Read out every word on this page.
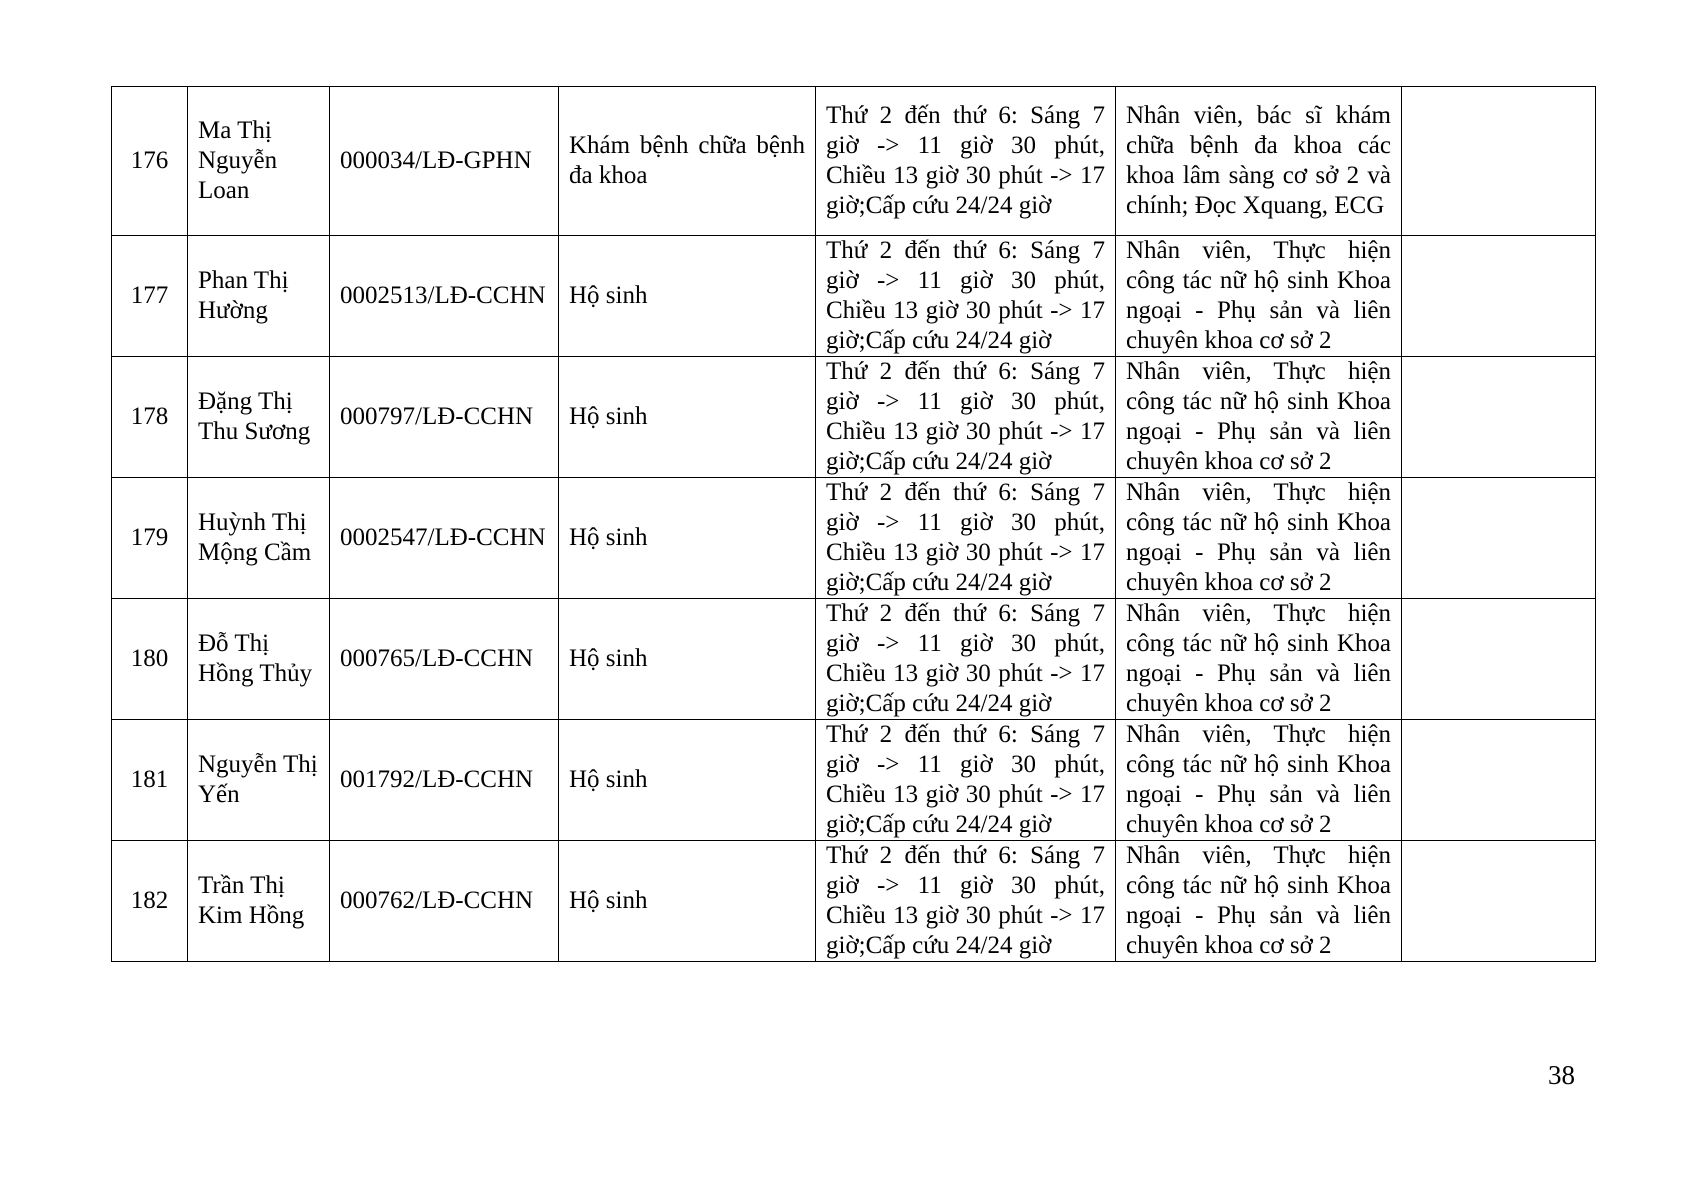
176	Ma Thị Nguyễn Loan	000034/LĐ-GPHN	Khám bệnh chữa bệnh đa khoa	Thứ 2 đến thứ 6: Sáng 7 giờ -> 11 giờ 30 phút, Chiều 13 giờ 30 phút -> 17 giờ;Cấp cứu 24/24 giờ	Nhân viên, bác sĩ khám chữa bệnh đa khoa các khoa lâm sàng cơ sở 2 và chính; Đọc Xquang, ECG	
177	Phan Thị Hường	0002513/LĐ-CCHN	Hộ sinh	Thứ 2 đến thứ 6: Sáng 7 giờ -> 11 giờ 30 phút, Chiều 13 giờ 30 phút -> 17 giờ;Cấp cứu 24/24 giờ	Nhân viên, Thực hiện công tác nữ hộ sinh Khoa ngoại - Phụ sản và liên chuyên khoa cơ sở 2	
178	Đặng Thị Thu Sương	000797/LĐ-CCHN	Hộ sinh	Thứ 2 đến thứ 6: Sáng 7 giờ -> 11 giờ 30 phút, Chiều 13 giờ 30 phút -> 17 giờ;Cấp cứu 24/24 giờ	Nhân viên, Thực hiện công tác nữ hộ sinh Khoa ngoại - Phụ sản và liên chuyên khoa cơ sở 2	
179	Huỳnh Thị Mộng Cầm	0002547/LĐ-CCHN	Hộ sinh	Thứ 2 đến thứ 6: Sáng 7 giờ -> 11 giờ 30 phút, Chiều 13 giờ 30 phút -> 17 giờ;Cấp cứu 24/24 giờ	Nhân viên, Thực hiện công tác nữ hộ sinh Khoa ngoại - Phụ sản và liên chuyên khoa cơ sở 2	
180	Đỗ Thị Hồng Thủy	000765/LĐ-CCHN	Hộ sinh	Thứ 2 đến thứ 6: Sáng 7 giờ -> 11 giờ 30 phút, Chiều 13 giờ 30 phút -> 17 giờ;Cấp cứu 24/24 giờ	Nhân viên, Thực hiện công tác nữ hộ sinh Khoa ngoại - Phụ sản và liên chuyên khoa cơ sở 2	
181	Nguyễn Thị Yến	001792/LĐ-CCHN	Hộ sinh	Thứ 2 đến thứ 6: Sáng 7 giờ -> 11 giờ 30 phút, Chiều 13 giờ 30 phút -> 17 giờ;Cấp cứu 24/24 giờ	Nhân viên, Thực hiện công tác nữ hộ sinh Khoa ngoại - Phụ sản và liên chuyên khoa cơ sở 2	
182	Trần Thị Kim Hồng	000762/LĐ-CCHN	Hộ sinh	Thứ 2 đến thứ 6: Sáng 7 giờ -> 11 giờ 30 phút, Chiều 13 giờ 30 phút -> 17 giờ;Cấp cứu 24/24 giờ	Nhân viên, Thực hiện công tác nữ hộ sinh Khoa ngoại - Phụ sản và liên chuyên khoa cơ sở 2	
38
